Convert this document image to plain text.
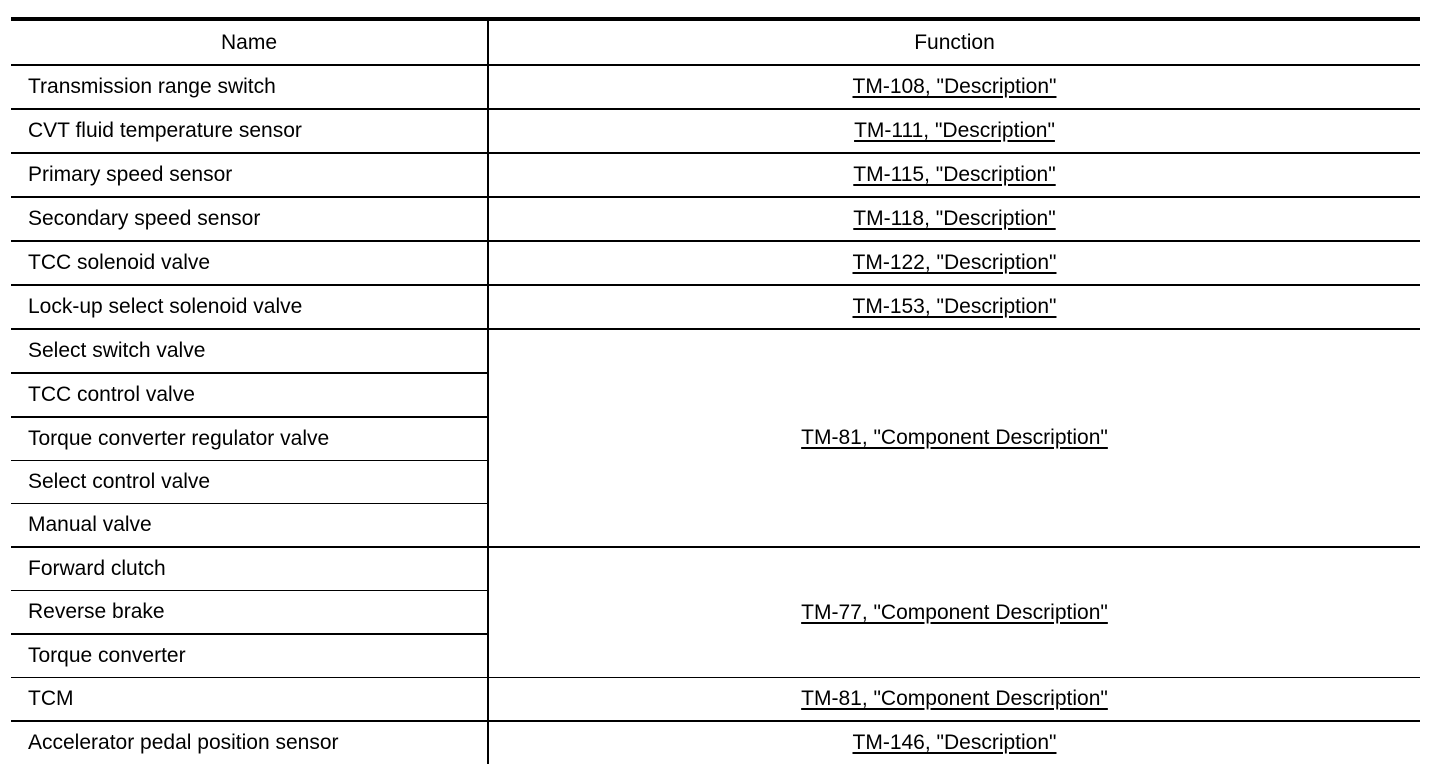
Name	Function
Transmission range switch	TM-108, "Description"
CVT fluid temperature sensor	TM-111, "Description"
Primary speed sensor	TM-115, "Description"
Secondary speed sensor	TM-118, "Description"
TCC solenoid valve	TM-122, "Description"
Lock-up select solenoid valve	TM-153, "Description"
Select switch valve	TM-81, "Component Description"
TCC control valve	
Torque converter regulator valve	
Select control valve	
Manual valve	
Forward clutch	TM-77, "Component Description"
Reverse brake	
Torque converter	
TCM	TM-81, "Component Description"
Accelerator pedal position sensor	TM-146, "Description"
